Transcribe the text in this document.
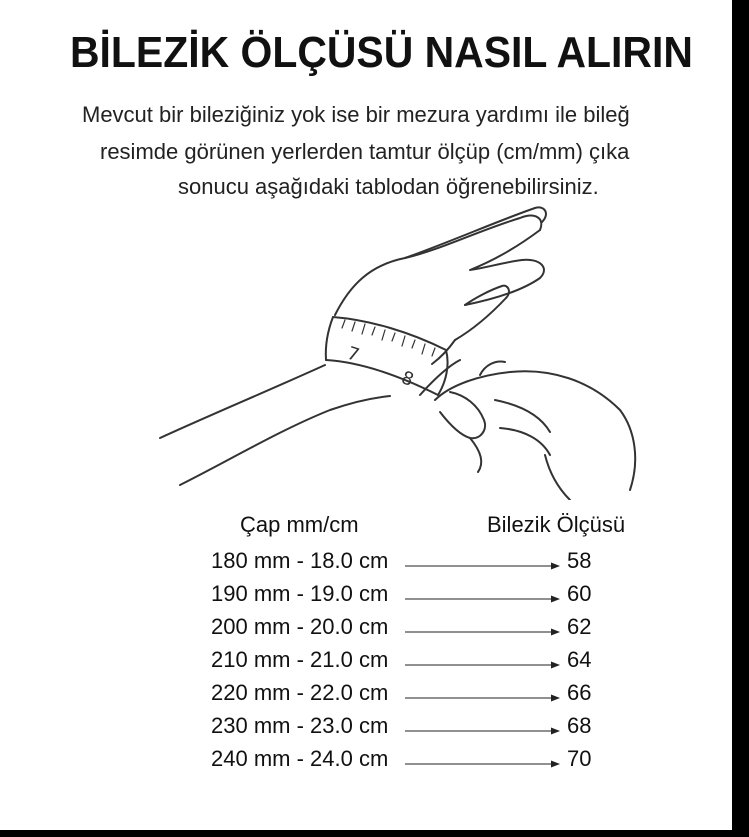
BİLEZİK ÖLÇÜSÜ NASIL ALIRIN
Mevcut bir bileziğiniz yok ise bir mezura yardımı ile bileğ
resimde görünen yerlerden tamtur ölçüp (cm/mm) çıka
sonucu aşağıdaki tablodan öğrenebilirsiniz.
7
8
Çap mm/cm	Bilezik Ölçüsü
180 mm - 18.0 cm	58
190 mm - 19.0 cm	60
200 mm - 20.0 cm	62
210 mm - 21.0 cm	64
220 mm - 22.0 cm	66
230 mm - 23.0 cm	68
240 mm - 24.0 cm	70
